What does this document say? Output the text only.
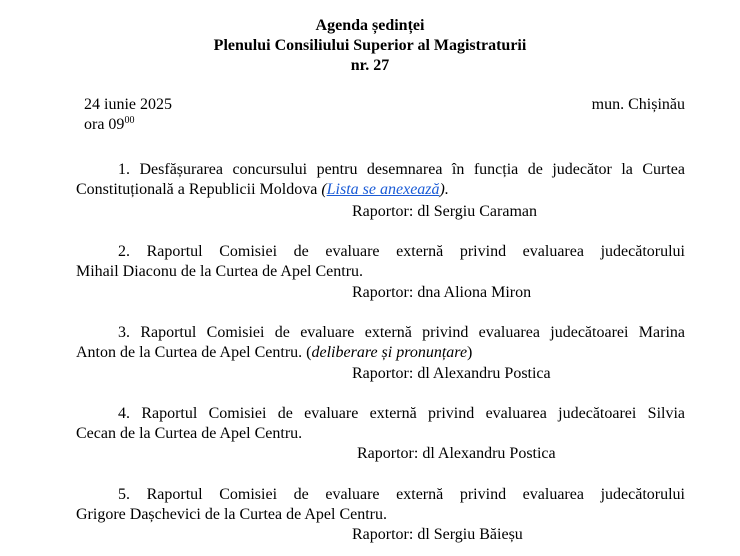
Agenda ședinței
Plenului Consiliului Superior al Magistraturii
nr. 27
24 iunie 2025
ora $09^{00}$
mun. Chișinău
1. Desfășurarea concursului pentru desemnarea în funcția de judecător la Curtea
Constituțională a Republicii Moldova (Lista se anexează).
Raportor: dl Sergiu Caraman
2. Raportul Comisiei de evaluare externă privind evaluarea judecătorului
Mihail Diaconu de la Curtea de Apel Centru.
Raportor: dna Aliona Miron
3. Raportul Comisiei de evaluare externă privind evaluarea judecătoarei Marina
Anton de la Curtea de Apel Centru. (deliberare și pronunțare)
Raportor: dl Alexandru Postica
4. Raportul Comisiei de evaluare externă privind evaluarea judecătoarei Silvia
Cecan de la Curtea de Apel Centru.
Raportor: dl Alexandru Postica
5. Raportul Comisiei de evaluare externă privind evaluarea judecătorului
Grigore Dașchevici de la Curtea de Apel Centru.
Raportor: dl Sergiu Băieșu
